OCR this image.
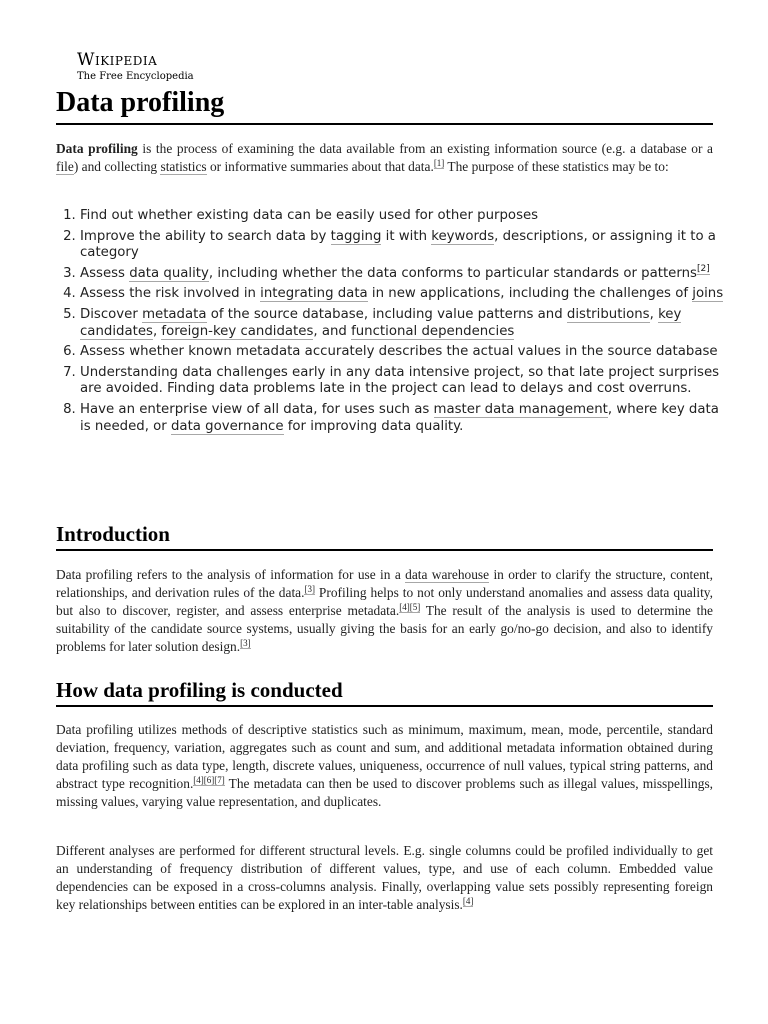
Wikipedia
The Free Encyclopedia
Data profiling

Data profiling is the process of examining the data available from an existing information source (e.g. a database or a file) and collecting statistics or informative summaries about that data.[1] The purpose of these statistics may be to:

1. Find out whether existing data can be easily used for other purposes
2. Improve the ability to search data by tagging it with keywords, descriptions, or assigning it to a category
3. Assess data quality, including whether the data conforms to particular standards or patterns[2]
4. Assess the risk involved in integrating data in new applications, including the challenges of joins
5. Discover metadata of the source database, including value patterns and distributions, key candidates, foreign-key candidates, and functional dependencies
6. Assess whether known metadata accurately describes the actual values in the source database
7. Understanding data challenges early in any data intensive project, so that late project surprises are avoided. Finding data problems late in the project can lead to delays and cost overruns.
8. Have an enterprise view of all data, for uses such as master data management, where key data is needed, or data governance for improving data quality.
Introduction

Data profiling refers to the analysis of information for use in a data warehouse in order to clarify the structure, content, relationships, and derivation rules of the data.[3] Profiling helps to not only understand anomalies and assess data quality, but also to discover, register, and assess enterprise metadata.[4][5] The result of the analysis is used to determine the suitability of the candidate source systems, usually giving the basis for an early go/no-go decision, and also to identify problems for later solution design.[3]

How data profiling is conducted

Data profiling utilizes methods of descriptive statistics such as minimum, maximum, mean, mode, percentile, standard deviation, frequency, variation, aggregates such as count and sum, and additional metadata information obtained during data profiling such as data type, length, discrete values, uniqueness, occurrence of null values, typical string patterns, and abstract type recognition.[4][6][7] The metadata can then be used to discover problems such as illegal values, misspellings, missing values, varying value representation, and duplicates.

Different analyses are performed for different structural levels. E.g. single columns could be profiled individually to get an understanding of frequency distribution of different values, type, and use of each column. Embedded value dependencies can be exposed in a cross-columns analysis. Finally, overlapping value sets possibly representing foreign key relationships between entities can be explored in an inter-table analysis.[4]
